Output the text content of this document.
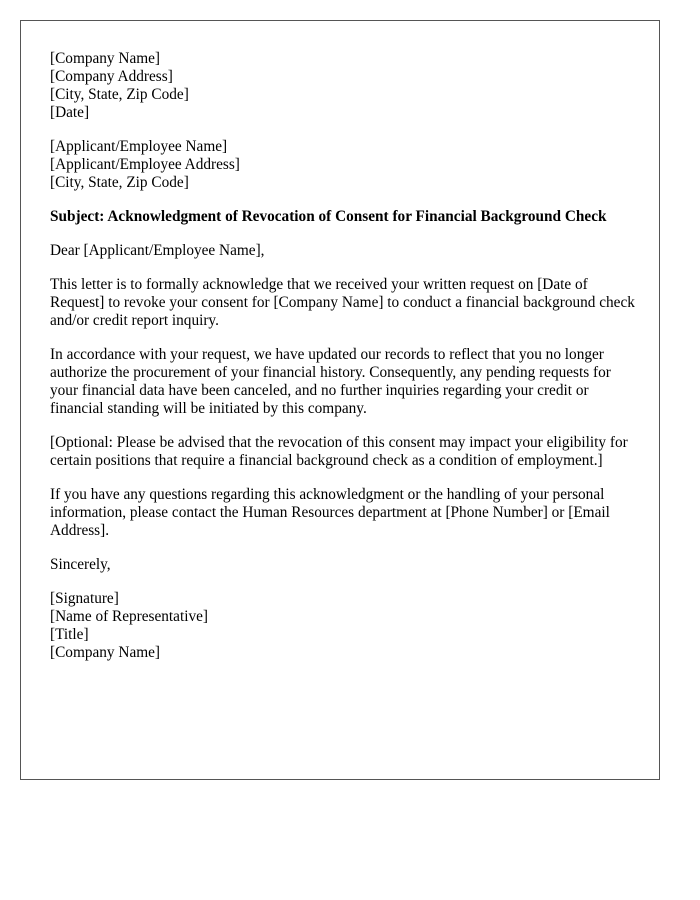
[Company Name]
[Company Address]
[City, State, Zip Code]
[Date]
[Applicant/Employee Name]
[Applicant/Employee Address]
[City, State, Zip Code]

Subject: Acknowledgment of Revocation of Consent for Financial Background Check

Dear [Applicant/Employee Name],

This letter is to formally acknowledge that we received your written request on [Date of Request] to revoke your consent for [Company Name] to conduct a financial background check and/or credit report inquiry.

In accordance with your request, we have updated our records to reflect that you no longer authorize the procurement of your financial history. Consequently, any pending requests for your financial data have been canceled, and no further inquiries regarding your credit or financial standing will be initiated by this company.

[Optional: Please be advised that the revocation of this consent may impact your eligibility for certain positions that require a financial background check as a condition of employment.]

If you have any questions regarding this acknowledgment or the handling of your personal information, please contact the Human Resources department at [Phone Number] or [Email Address].

Sincerely,

[Signature]
[Name of Representative]
[Title]
[Company Name]
